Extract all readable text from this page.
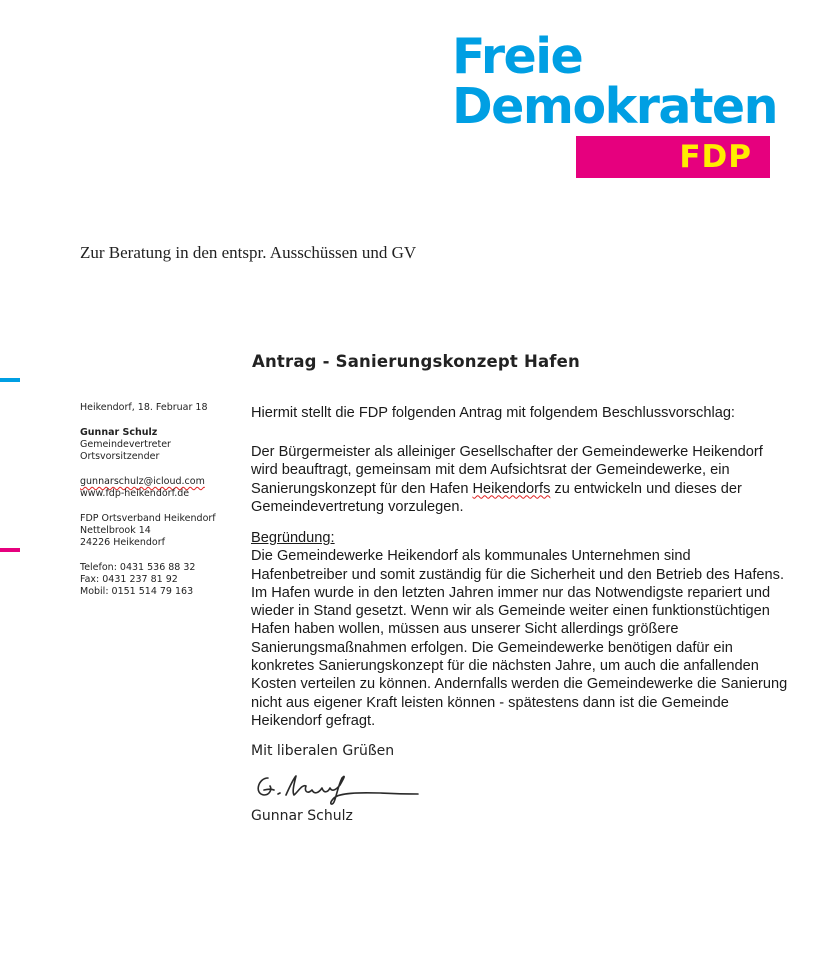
Freie

Demokraten

FDP

Zur Beratung in den entspr. Ausschüssen und GV
Antrag - Sanierungskonzept Hafen
Heikendorf, 18. Februar 18
Gunnar Schulz
Gemeindevertreter
Ortsvorsitzender
gunnarschulz@icloud.com
www.fdp-heikendorf.de
FDP Ortsverband Heikendorf
Nettelbrook 14
24226 Heikendorf
Telefon: 0431 536 88 32
Fax: 0431 237 81 92
Mobil: 0151 514 79 163

Hiermit stellt die FDP folgenden Antrag mit folgendem Beschlussvorschlag:

Der Bürgermeister als alleiniger Gesellschafter der Gemeindewerke Heikendorf wird beauftragt, gemeinsam mit dem Aufsichtsrat der Gemeindewerke, ein Sanierungskonzept für den Hafen Heikendorfs zu entwickeln und dieses der Gemeindevertretung vorzulegen.

Begründung:

Die Gemeindewerke Heikendorf als kommunales Unternehmen sind Hafenbetreiber und somit zuständig für die Sicherheit und den Betrieb des Hafens. Im Hafen wurde in den letzten Jahren immer nur das Notwendigste repariert und wieder in Stand gesetzt. Wenn wir als Gemeinde weiter einen funktionstüchtigen Hafen haben wollen, müssen aus unserer Sicht allerdings größere Sanierungsmaßnahmen erfolgen. Die Gemeindewerke benötigen dafür ein konkretes Sanierungskonzept für die nächsten Jahre, um auch die anfallenden Kosten verteilen zu können. Andernfalls werden die Gemeindewerke die Sanierung nicht aus eigener Kraft leisten können - spätestens dann ist die Gemeinde Heikendorf gefragt.

Mit liberalen Grüßen
Gunnar Schulz
